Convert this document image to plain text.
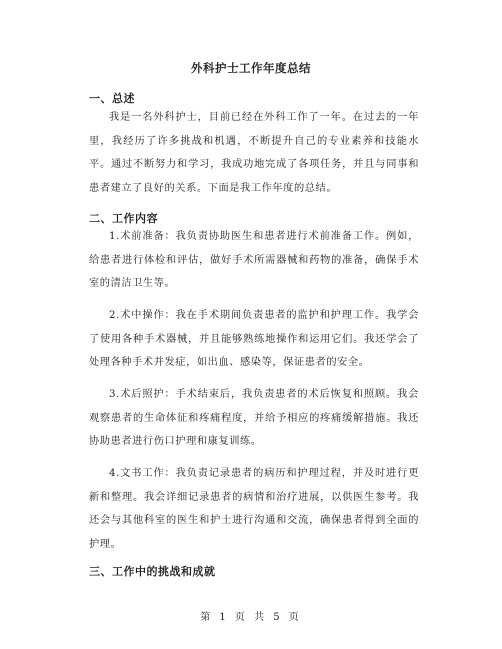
外科护士工作年度总结
一、总述
我是一名外科护士，目前已经在外科工作了一年。在过去的一年里，我经历了许多挑战和机遇，不断提升自己的专业素养和技能水平。通过不断努力和学习，我成功地完成了各项任务，并且与同事和患者建立了良好的关系。下面是我工作年度的总结。
二、工作内容
1.术前准备：我负责协助医生和患者进行术前准备工作。例如，给患者进行体检和评估，做好手术所需器械和药物的准备，确保手术室的清洁卫生等。
2.术中操作：我在手术期间负责患者的监护和护理工作。我学会了使用各种手术器械，并且能够熟练地操作和运用它们。我还学会了处理各种手术并发症，如出血、感染等，保证患者的安全。
3.术后照护：手术结束后，我负责患者的术后恢复和照顾。我会观察患者的生命体征和疼痛程度，并给予相应的疼痛缓解措施。我还协助患者进行伤口护理和康复训练。
4.文书工作：我负责记录患者的病历和护理过程，并及时进行更新和整理。我会详细记录患者的病情和治疗进展，以供医生参考。我还会与其他科室的医生和护士进行沟通和交流，确保患者得到全面的护理。
三、工作中的挑战和成就
第 1 页 共 5 页
